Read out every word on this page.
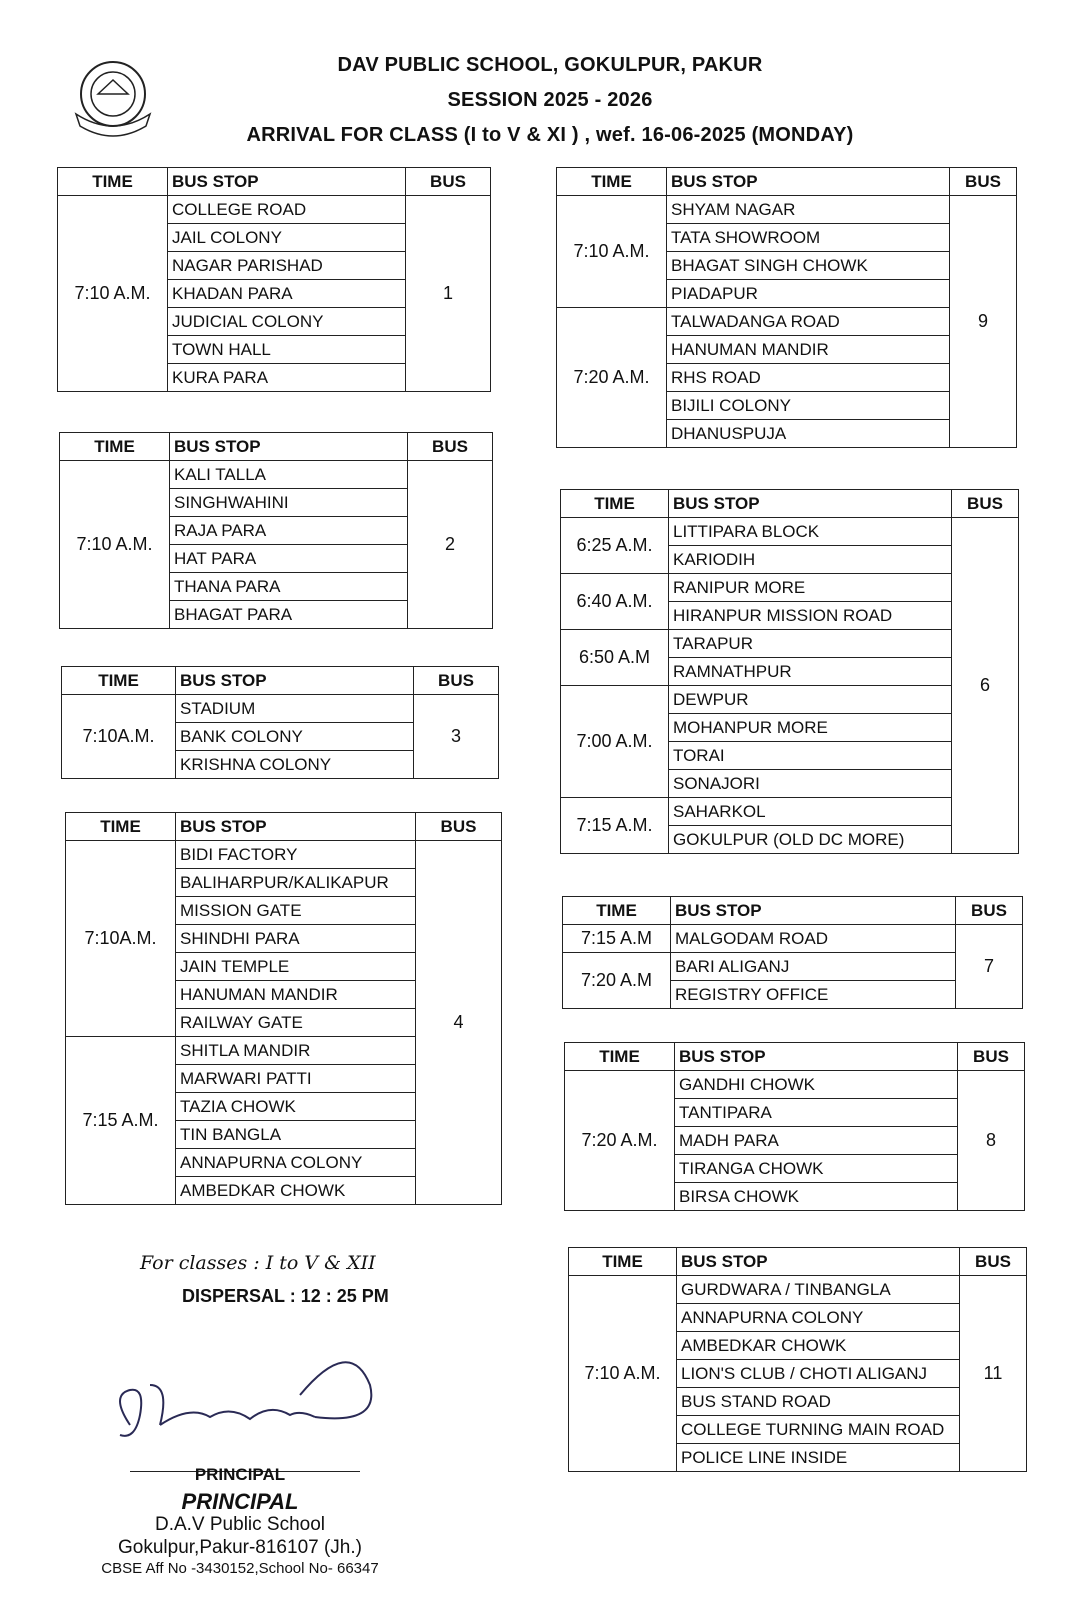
DAV PUBLIC SCHOOL, GOKULPUR, PAKUR
SESSION 2025 - 2026
ARRIVAL FOR CLASS (I to V & XI ) , wef. 16-06-2025 (MONDAY)
TIME	BUS STOP	BUS
7:10 A.M.	COLLEGE ROAD	1
	JAIL COLONY	
	NAGAR PARISHAD	
	KHADAN PARA	
	JUDICIAL COLONY	
	TOWN HALL	
	KURA PARA	
TIME	BUS STOP	BUS
7:10 A.M.	KALI TALLA	2
	SINGHWAHINI	
	RAJA PARA	
	HAT PARA	
	THANA PARA	
	BHAGAT PARA	
TIME	BUS STOP	BUS
7:10A.M.	STADIUM	3
	BANK COLONY	
	KRISHNA COLONY	
TIME	BUS STOP	BUS
7:10A.M.	BIDI FACTORY	4
	BALIHARPUR/KALIKAPUR	
	MISSION GATE	
	SHINDHI PARA	
	JAIN TEMPLE	
	HANUMAN MANDIR	
	RAILWAY GATE	
7:15 A.M.	SHITLA MANDIR	
	MARWARI PATTI	
	TAZIA CHOWK	
	TIN BANGLA	
	ANNAPURNA COLONY	
	AMBEDKAR CHOWK	
TIME	BUS STOP	BUS
7:10 A.M.	SHYAM NAGAR	9
	TATA SHOWROOM	
	BHAGAT SINGH CHOWK	
	PIADAPUR	
7:20 A.M.	TALWADANGA ROAD	
	HANUMAN MANDIR	
	RHS ROAD	
	BIJILI COLONY	
	DHANUSPUJA	
TIME	BUS STOP	BUS
6:25 A.M.	LITTIPARA BLOCK	6
	KARIODIH	
6:40 A.M.	RANIPUR MORE	
	HIRANPUR MISSION ROAD	
6:50 A.M	TARAPUR	
	RAMNATHPUR	
7:00 A.M.	DEWPUR	
	MOHANPUR MORE	
	TORAI	
	SONAJORI	
7:15 A.M.	SAHARKOL	
	GOKULPUR (OLD DC MORE)	
TIME	BUS STOP	BUS
7:15 A.M	MALGODAM ROAD	7
7:20 A.M	BARI ALIGANJ	
	REGISTRY OFFICE	
TIME	BUS STOP	BUS
7:20 A.M.	GANDHI CHOWK	8
	TANTIPARA	
	MADH PARA	
	TIRANGA CHOWK	
	BIRSA CHOWK	
TIME	BUS STOP	BUS
7:10 A.M.	GURDWARA / TINBANGLA	11
	ANNAPURNA COLONY	
	AMBEDKAR CHOWK	
	LION'S CLUB / CHOTI ALIGANJ	
	BUS STAND ROAD	
	COLLEGE TURNING MAIN ROAD	
	POLICE LINE INSIDE	
For classes : I to V & XII
DISPERSAL : 12 : 25 PM
PRINCIPAL
PRINCIPAL
D.A.V Public School
Gokulpur,Pakur-816107 (Jh.)
CBSE Aff No -3430152,School No- 66347
